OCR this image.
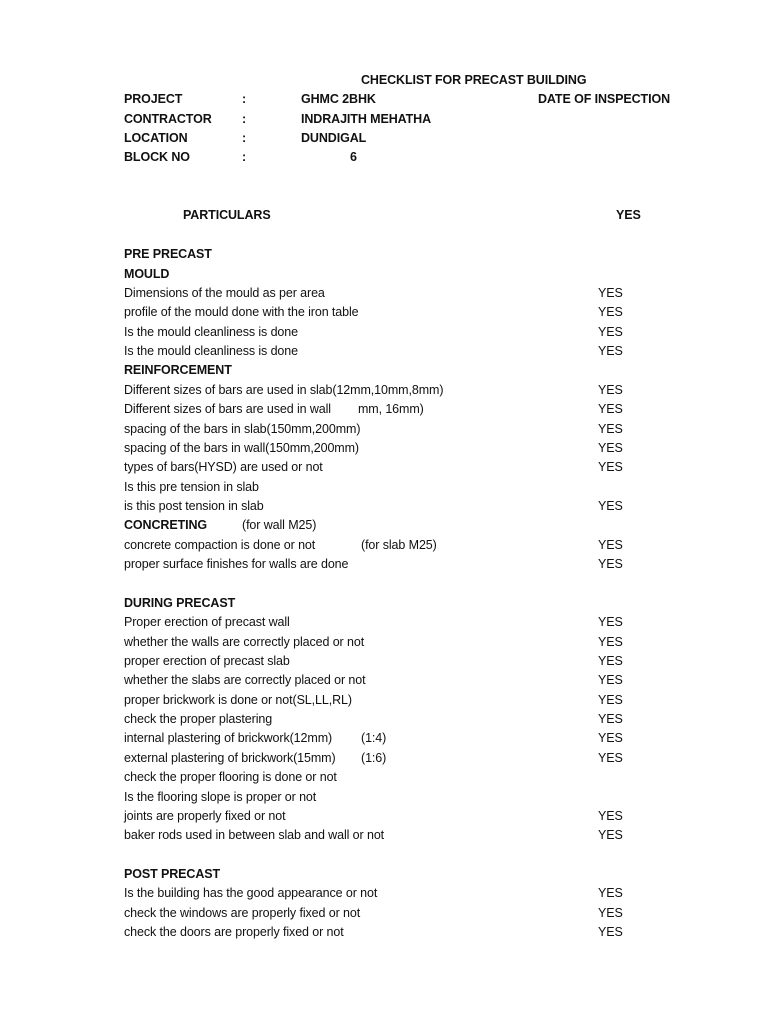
CHECKLIST FOR PRECAST BUILDING
PROJECT	:	GHMC 2BHK	DATE OF INSPECTION
CONTRACTOR :	INDRAJITH MEHATHA
LOCATION	:	DUNDIGAL
BLOCK NO	:	6
PARTICULARS	YES
PRE PRECAST
MOULD
Dimensions of the mould as per area	YES
profile of the mould done with the iron table	YES
Is the mould cleanliness is done	YES
Is the mould cleanliness is done	YES
REINFORCEMENT
Different sizes of bars are used in slab(12mm,10mm,8mm)	YES
Different sizes of bars are used in wall        mm, 16mm)	YES
spacing of the bars in slab(150mm,200mm)	YES
spacing of the bars in wall(150mm,200mm)	YES
types of bars(HYSD) are used or not	YES
Is this pre tension in slab
is this post tension in slab	YES
CONCRETING	(for wall M25)
concrete compaction is done or not	(for slab M25)	YES
proper surface finishes for walls are done	YES
DURING PRECAST
Proper erection of precast wall	YES
whether the walls are correctly placed or not	YES
proper erection of precast slab	YES
whether the slabs are correctly placed or not	YES
proper brickwork is done or not(SL,LL,RL)	YES
check the proper plastering	YES
internal plastering of brickwork(12mm) (1:4)	YES
external plastering of brickwork(15mm) (1:6)	YES
check the proper flooring is done or not
Is the flooring slope is proper or not
joints are properly fixed or not	YES
baker rods used in between slab and wall or not	YES
POST PRECAST
Is the building has the good appearance or not	YES
check the windows are properly fixed or not	YES
check the doors are properly fixed or not	YES
